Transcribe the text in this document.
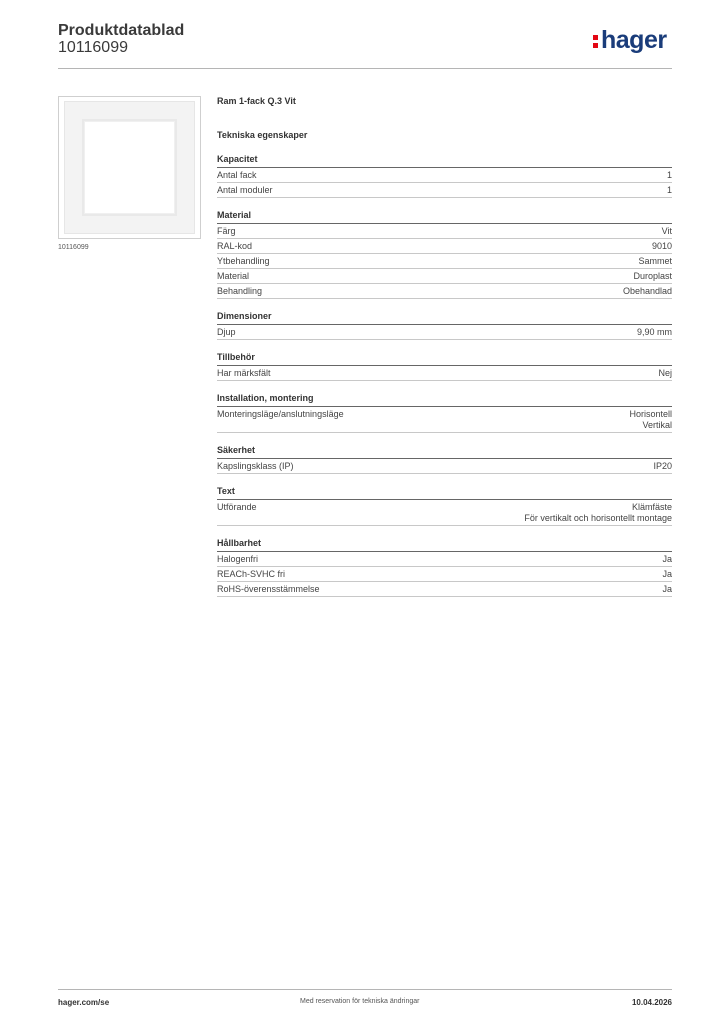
Produktdatablad
10116099	hager
10116099
Ram 1-fack Q.3 Vit
Tekniska egenskaper
Kapacitet
Antal fack	1
Antal moduler	1
Material
Färg	Vit
RAL-kod	9010
Ytbehandling	Sammet
Material	Duroplast
Behandling	Obehandlad
Dimensioner
Djup	9,90 mm
Tillbehör
Har märksfält	Nej
Installation, montering
Monteringsläge/anslutningsläge	Horisontell
Vertikal
Säkerhet
Kapslingsklass (IP)	IP20
Text
Utförande	Klämfäste
För vertikalt och horisontellt montage
Hållbarhet
Halogenfri	Ja
REACh-SVHC fri	Ja
RoHS-överensstämmelse	Ja
hager.com/se	Med reservation för tekniska ändringar	10.04.2026
